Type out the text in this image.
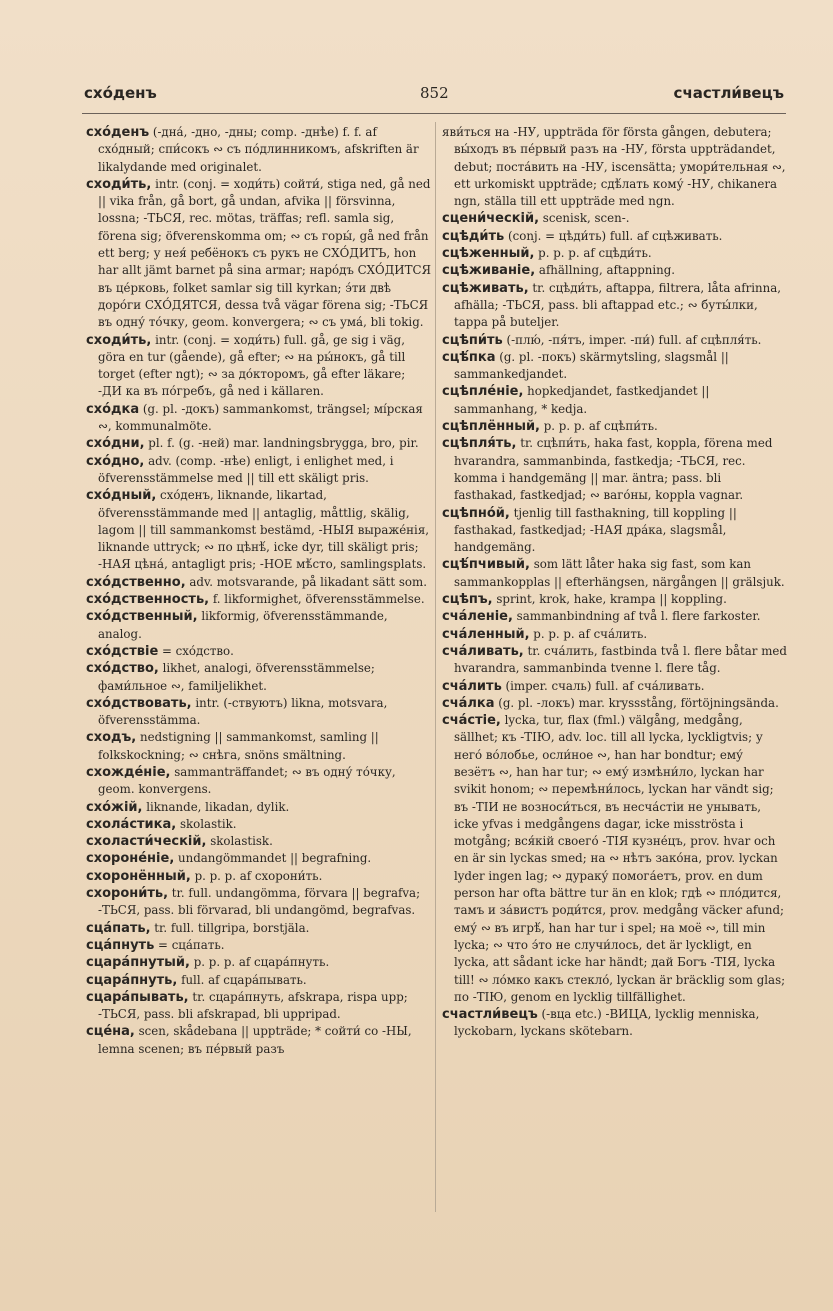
схо́денъ	852	счастли́вецъ

схо́денъ (-дна́, -дно, -дны; comp. -днѣе) f. f. af схо́дный; спи́сокъ ∾ съ по́длинникомъ, afskriften är likalydande med originalet.

сходи́ть, intr. (conj. = ходи́ть) сойти́, stiga ned, gå ned || vika från, gå bort, gå undan, afvika || försvinna, lossna; -ТЬСЯ, rec. mötas, träffas; refl. samla sig, förena sig; öfverenskomma om; ∾ съ горы́, gå ned från ett berg; у нея́ ребёнокъ съ рукъ не СХО́ДИТЪ, hon har allt jämt barnet på sina armar; наро́дъ СХО́ДИТСЯ въ це́рковь, folket samlar sig till kyrkan; э́ти двѣ доро́ги СХО́ДЯТСЯ, dessa två vägar förena sig; -ТЬСЯ въ одну́ то́чку, geom. konvergera; ∾ съ ума́, bli tokig.

сходи́ть, intr. (conj. = ходи́ть) full. gå, ge sig i väg, göra en tur (gående), gå efter; ∾ на ры́нокъ, gå till torget (efter ngt); ∾ за до́кторомъ, gå efter läkare; -ДИ ка въ по́гребъ, gå ned i källaren.

схо́дка (g. pl. -докъ) sammankomst, trängsel; мі́рская ∾, kommunalmöte.

схо́дни, pl. f. (g. -ней) mar. landningsbrygga, bro, pir.

схо́дно, adv. (comp. -нѣе) enligt, i enlighet med, i öfverensstämmelse med || till ett skäligt pris.

схо́дный, схо́денъ, liknande, likartad, öfverensstämmande med || antaglig, måttlig, skälig, lagom || till sammankomst bestämd, -НЫЯ выраже́нія, liknande uttryck; ∾ по цѣнѣ́, icke dyr, till skäligt pris; -НАЯ цѣна́, antagligt pris; -НОЕ мѣ́сто, samlingsplats.

схо́дственно, adv. motsvarande, på likadant sätt som.

схо́дственность, f. likformighet, öfverensstämmelse.

схо́дственный, likformig, öfverensstämmande, analog.

схо́дствіе = схо́дство.

схо́дство, likhet, analogi, öfverensstämmelse; фами́льное ∾, familjelikhet.

схо́дствовать, intr. (-ствуютъ) likna, motsvara, öfverensstämma.

сходъ, nedstigning || sammankomst, samling || folkskockning; ∾ снѣга, snöns smältning.

схожде́ніе, sammanträffandet; ∾ въ одну́ то́чку, geom. konvergens.

схо́жій, liknande, likadan, dylik.

схола́стика, skolastik.

схоласти́ческій, skolastisk.

схороне́ніе, undangömmandet || begrafning.

схоронённый, p. p. p. af схорони́ть.

схорони́ть, tr. full. undangömma, förvara || begrafva; -ТЬСЯ, pass. bli förvarad, bli undangömd, begrafvas.

сца́пать, tr. full. tillgripa, borstjäla.

сца́пнуть = сца́пать.

сцара́пнутый, p. p. p. af сцара́пнуть.

сцара́пнуть, full. af сцара́пывать.

сцара́пывать, tr. сцара́пнуть, afskrapa, rispa upp; -ТЬСЯ, pass. bli afskrapad, bli uppripad.

сце́на, scen, skådebana || uppträde; * сойти́ со -НЫ, lemna scenen; въ пе́рвый разъ

яви́ться на -НУ, uppträda för första gången, debutera; вы́ходъ въ пе́рвый разъ на -НУ, första uppträdandet, debut; поста́вить на -НУ, iscensätta; умори́тельная ∾, ett urkomiskt uppträde; сдѣ́лать кому́ -НУ, chikanera ngn, ställa till ett uppträde med ngn.

сцени́ческій, scenisk, scen-.

сцѣди́ть (conj. = цѣди́ть) full. af сцѣживать.

сцѣженный, p. p. p. af сцѣди́ть.

сцѣживаніе, afhällning, aftappning.

сцѣживать, tr. сцѣди́ть, aftappa, filtrera, låta afrinna, afhälla; -ТЬСЯ, pass. bli aftappad etc.; ∾ буты́лки, tappa på buteljer.

сцѣпи́ть (-плю́, -пя́тъ, imper. -пи́) full. af сцѣпля́ть.

сцѣ́пка (g. pl. -покъ) skärmytsling, slagsmål || sammankedjandet.

сцѣпле́ніе, hopkedjandet, fastkedjandet || sammanhang, * kedja.

сцѣплённый, p. p. p. af сцѣпи́ть.

сцѣпля́ть, tr. сцѣпи́ть, haka fast, koppla, förena med hvarandra, sammanbinda, fastkedja; -ТЬСЯ, rec. komma i handgemäng || mar. äntra; pass. bli fasthakad, fastkedjad; ∾ ваго́ны, koppla vagnar.

сцѣпно́й, tjenlig till fasthakning, till koppling || fasthakad, fastkedjad; -НАЯ дра́ка, slagsmål, handgemäng.

сцѣ́пчивый, som lätt låter haka sig fast, som kan sammankopplas || efterhängsen, närgången || grälsjuk.

сцѣпъ, sprint, krok, hake, krampa || koppling.

сча́леніе, sammanbindning af två l. flere farkoster.

сча́ленный, p. p. p. af сча́лить.

сча́ливать, tr. сча́лить, fastbinda två l. flere båtar med hvarandra, sammanbinda tvenne l. flere tåg.

сча́лить (imper. счаль) full. af сча́ливать.

сча́лка (g. pl. -локъ) mar. kryssstång, förtöjningsända.

сча́стіе, lycka, tur, flax (fml.) välgång, medgång, sällhet; къ -ТІЮ, adv. loc. till all lycka, lyckligtvis; у него́ во́лобье, осли́ное ∾, han har bondtur; ему́ везётъ ∾, han har tur; ∾ ему́ измѣни́ло, lyckan har svikit honom; ∾ перемѣни́лось, lyckan har vändt sig; въ -ТІИ не возноси́ться, въ несча́стіи не унывать, icke yfvas i medgångens dagar, icke misströsta i motgång; вся́кій своего́ -ТІЯ кузне́цъ, prov. hvar och en är sin lyckas smed; на ∾ нѣтъ зако́на, prov. lyckan lyder ingen lag; ∾ дураку́ помога́етъ, prov. en dum person har ofta bättre tur än en klok; гдѣ ∾ пло́дится, тамъ и за́вистъ роди́тся, prov. medgång väcker afund; ему́ ∾ въ игрѣ́, han har tur i spel; на моё ∾, till min lycka; ∾ что э́то не случи́лось, det är lyckligt, en lycka, att sådant icke har händt; дай Богъ -ТІЯ, lycka till! ∾ ло́мко какъ стекло́, lyckan är bräcklig som glas; по -ТІЮ, genom en lycklig tillfällighet.

счастли́вецъ (-вца etc.) -ВИЦА, lycklig menniska, lyckobarn, lyckans skötebarn.
